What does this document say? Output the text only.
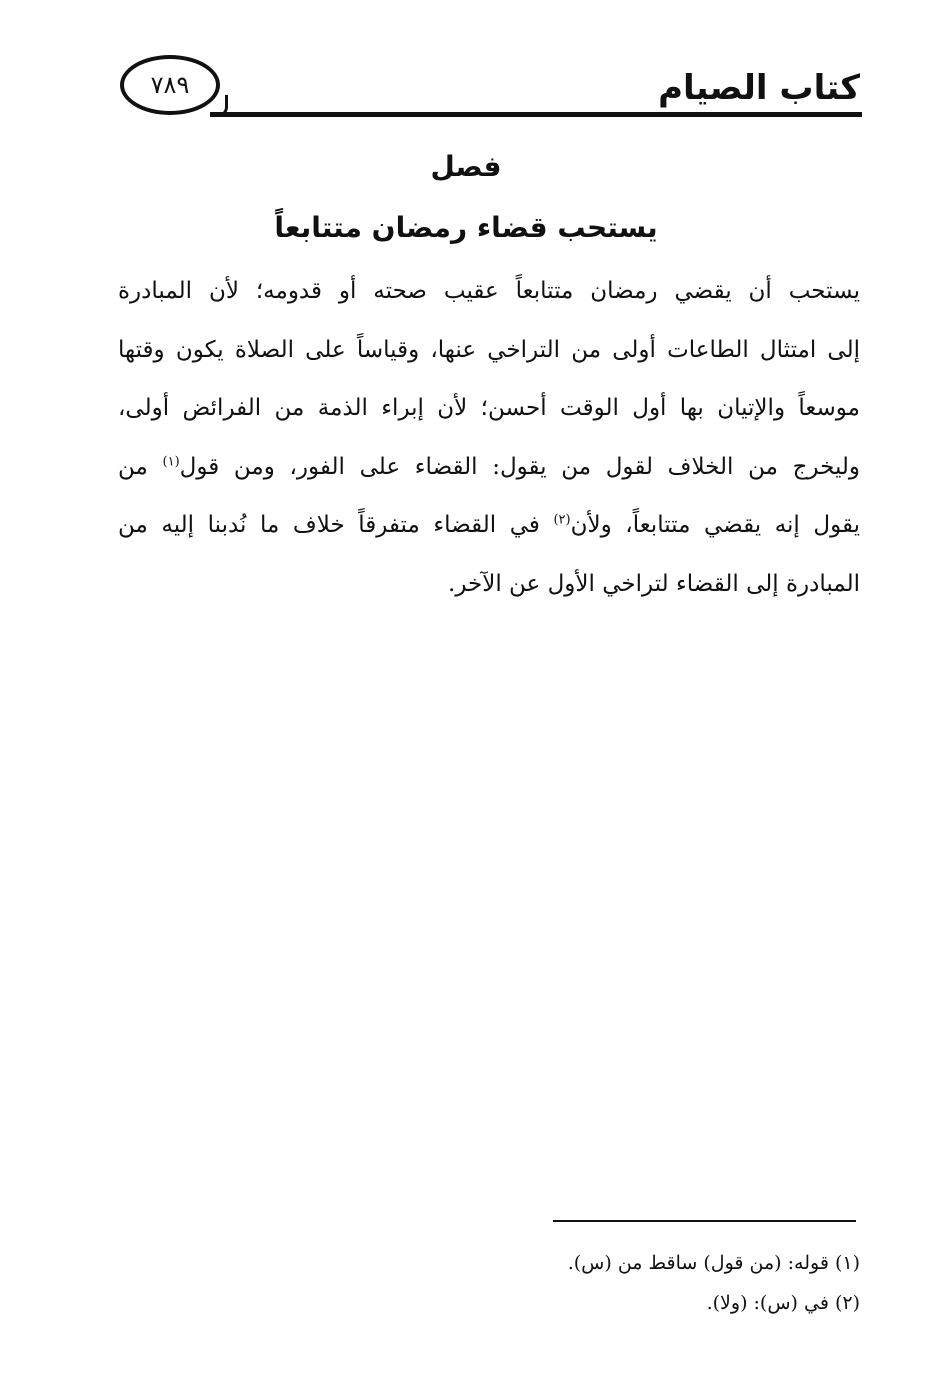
كتاب الصيام
٧٨٩
فصل
يستحب قضاء رمضان متتابعاً
يستحب أن يقضي رمضان متتابعاً عقيب صحته أو قدومه؛ لأن المبادرة
إلى امتثال الطاعات أولى من التراخي عنها، وقياساً على الصلاة يكون وقتها
موسعاً والإتيان بها أول الوقت أحسن؛ لأن إبراء الذمة من الفرائض أولى،
وليخرج من الخلاف لقول من يقول: القضاء على الفور، ومن قول$^{(١)}$ من
يقول إنه يقضي متتابعاً، ولأن$^{(٢)}$ في القضاء متفرقاً خلاف ما نُدبنا إليه من
المبادرة إلى القضاء لتراخي الأول عن الآخر.
(١) قوله: (من قول) ساقط من (س).
(٢) في (س): (ولا).
